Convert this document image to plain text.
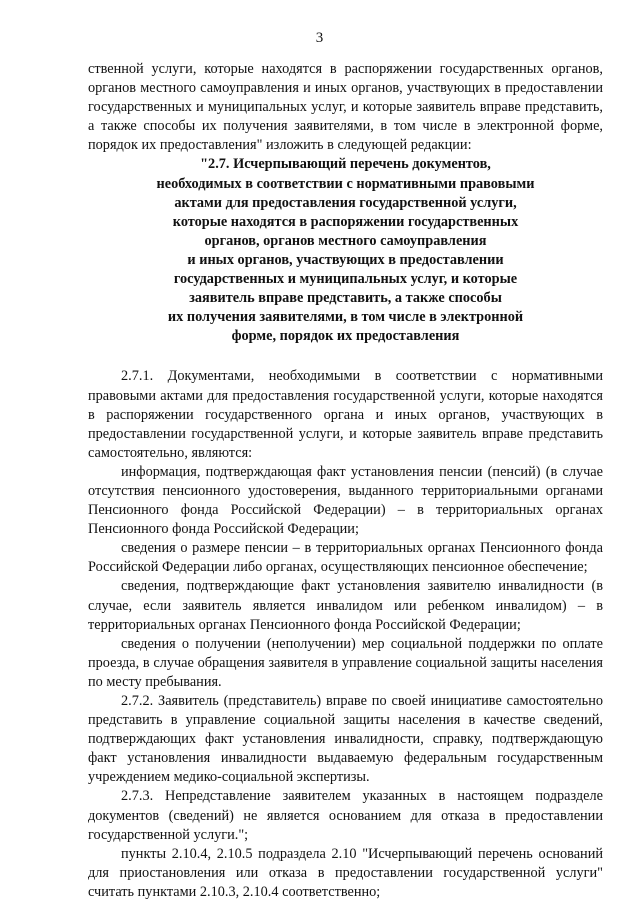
3

ственной услуги, которые находятся в распоряжении государственных органов, органов местного самоуправления и иных органов, участвующих в предоставлении государственных и муниципальных услуг, и которые заявитель вправе представить, а также способы их получения заявителями, в том числе в электронной форме, порядок их предоставления" изложить в следующей редакции:

"2.7. Исчерпывающий перечень документов,

необходимых в соответствии с нормативными правовыми

актами для предоставления государственной услуги,

которые находятся в распоряжении государственных

органов, органов местного самоуправления

и иных органов, участвующих в предоставлении

государственных и муниципальных услуг, и которые

заявитель вправе представить, а также способы

их получения заявителями, в том числе в электронной

форме, порядок их предоставления

2.7.1. Документами, необходимыми в соответствии с нормативными правовыми актами для предоставления государственной услуги, которые находятся в распоряжении государственного органа и иных органов, участвующих в предоставлении государственной услуги, и которые заявитель вправе представить самостоятельно, являются:

информация, подтверждающая факт установления пенсии (пенсий) (в случае отсутствия пенсионного удостоверения, выданного территориальными органами Пенсионного фонда Российской Федерации) – в территориальных органах Пенсионного фонда Российской Федерации;

сведения о размере пенсии – в территориальных органах Пенсионного фонда Российской Федерации либо органах, осуществляющих пенсионное обеспечение;

сведения, подтверждающие факт установления заявителю инвалидности (в случае, если заявитель является инвалидом или ребенком инвалидом) – в территориальных органах Пенсионного фонда Российской Федерации;

сведения о получении (неполучении) мер социальной поддержки по оплате проезда, в случае обращения заявителя в управление социальной защиты населения по месту пребывания.

2.7.2. Заявитель (представитель) вправе по своей инициативе самостоятельно представить в управление социальной защиты населения в качестве сведений, подтверждающих факт установления инвалидности, справку, подтверждающую факт установления инвалидности выдаваемую федеральным государственным учреждением медико-социальной экспертизы.

2.7.3. Непредставление заявителем указанных в настоящем подразделе документов (сведений) не является основанием для отказа в предоставлении государственной услуги.";

пункты 2.10.4, 2.10.5 подраздела 2.10 "Исчерпывающий перечень оснований для приостановления или отказа в предоставлении государственной услуги" считать пунктами 2.10.3, 2.10.4 соответственно;
